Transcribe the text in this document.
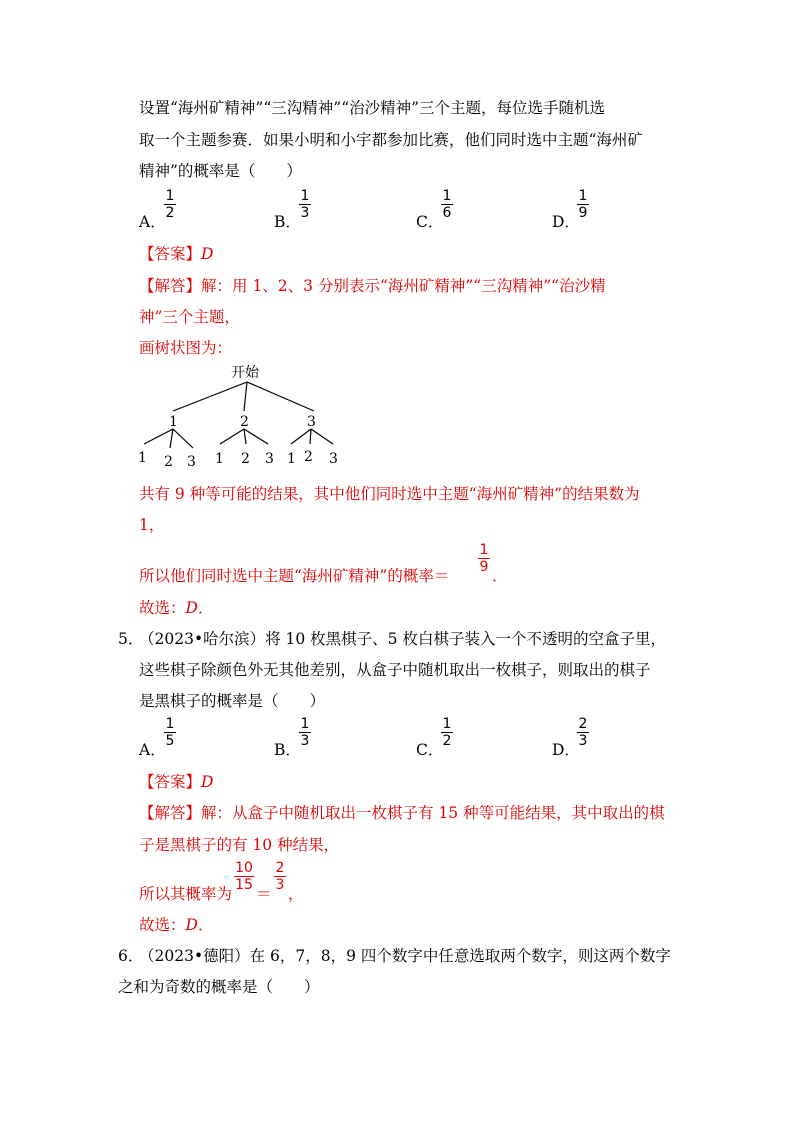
设置“海州矿精神”“三沟精神”“治沙精神”三个主题，每位选手随机选
取一个主题参赛．如果小明和小宇都参加比赛，他们同时选中主题“海州矿
精神”的概率是（　　）
A．
1
2	B．
1
3	C．
1
6	D．
1
9
【答案】D
【解答】解：用 1、2、3 分别表示“海州矿精神”“三沟精神”“治沙精
神”三个主题，
画树状图为：
开始
1	2	3
1 2 3 1 2 3 1 2 3
共有 9 种等可能的结果，其中他们同时选中主题“海州矿精神”的结果数为
1，
所以他们同时选中主题“海州矿精神”的概率＝
1
9 ．
故选：D．
5．
（2023•哈尔滨）将 10 枚黑棋子、5 枚白棋子装入一个不透明的空盒子里，
这些棋子除颜色外无其他差别，从盒子中随机取出一枚棋子，则取出的棋子
是黑棋子的概率是（　　）
A．
1
5	B．
1
3	C．
1
2	D．
2
3
【答案】D
【解答】解：从盒子中随机取出一枚棋子有 15 种等可能结果，其中取出的棋
子是黑棋子的有 10 种结果，
所以其概率为
10
15 ＝
2
3 ，
故选：D．
6．
（2023•德阳）在 6，7，8，9 四个数字中任意选取两个数字，则这两个数字
之和为奇数的概率是（　　）
